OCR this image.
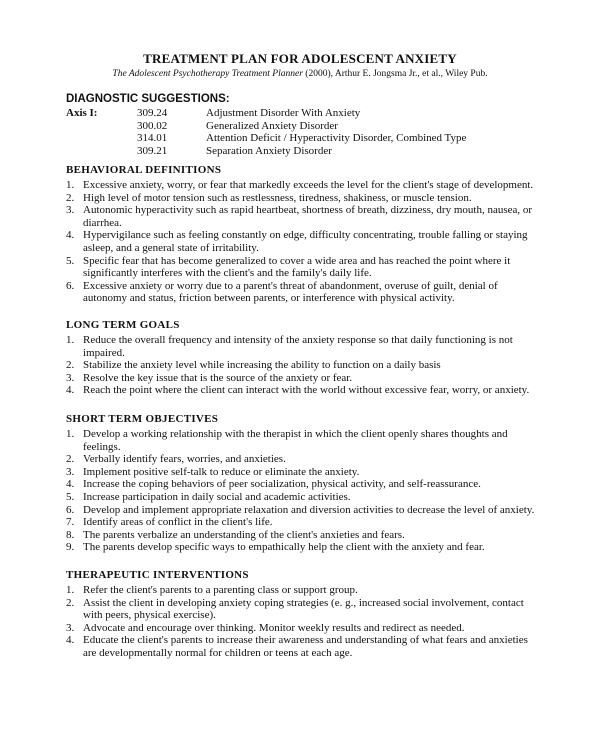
TREATMENT PLAN FOR ADOLESCENT ANXIETY
The Adolescent Psychotherapy Treatment Planner (2000), Arthur E. Jongsma Jr., et al., Wiley Pub.
DIAGNOSTIC SUGGESTIONS:
Axis I:	309.24	Adjustment Disorder With Anxiety
300.02	Generalized Anxiety Disorder
314.01	Attention Deficit / Hyperactivity Disorder, Combined Type
309.21	Separation Anxiety Disorder
BEHAVIORAL DEFINITIONS
1. Excessive anxiety, worry, or fear that markedly exceeds the level for the client's stage of development.
2. High level of motor tension such as restlessness, tiredness, shakiness, or muscle tension.
3. Autonomic hyperactivity such as rapid heartbeat, shortness of breath, dizziness, dry mouth, nausea, or diarrhea.
4. Hypervigilance such as feeling constantly on edge, difficulty concentrating, trouble falling or staying asleep, and a general state of irritability.
5. Specific fear that has become generalized to cover a wide area and has reached the point where it significantly interferes with the client's and the family's daily life.
6. Excessive anxiety or worry due to a parent's threat of abandonment, overuse of guilt, denial of autonomy and status, friction between parents, or interference with physical activity.
LONG TERM GOALS
1. Reduce the overall frequency and intensity of the anxiety response so that daily functioning is not impaired.
2. Stabilize the anxiety level while increasing the ability to function on a daily basis
3. Resolve the key issue that is the source of the anxiety or fear.
4. Reach the point where the client can interact with the world without excessive fear, worry, or anxiety.
SHORT TERM OBJECTIVES
1. Develop a working relationship with the therapist in which the client openly shares thoughts and feelings.
2. Verbally identify fears, worries, and anxieties.
3. Implement positive self-talk to reduce or eliminate the anxiety.
4. Increase the coping behaviors of peer socialization, physical activity, and self-reassurance.
5. Increase participation in daily social and academic activities.
6. Develop and implement appropriate relaxation and diversion activities to decrease the level of anxiety.
7. Identify areas of conflict in the client's life.
8. The parents verbalize an understanding of the client's anxieties and fears.
9. The parents develop specific ways to empathically help the client with the anxiety and fear.
THERAPEUTIC INTERVENTIONS
1. Refer the client's parents to a parenting class or support group.
2. Assist the client in developing anxiety coping strategies (e. g., increased social involvement, contact with peers, physical exercise).
3. Advocate and encourage over thinking. Monitor weekly results and redirect as needed.
4. Educate the client's parents to increase their awareness and understanding of what fears and anxieties are developmentally normal for children or teens at each age.
